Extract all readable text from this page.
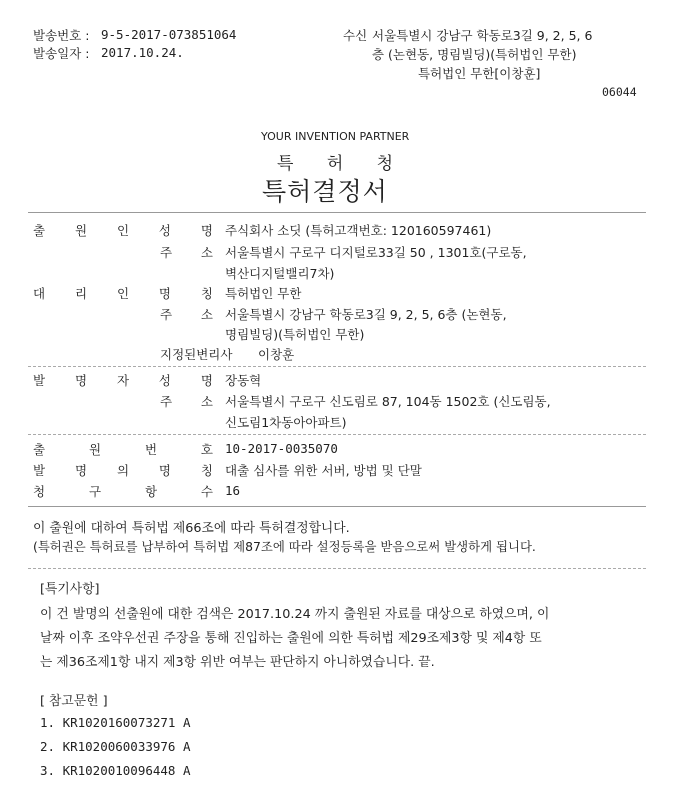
발송번호 : 9-5-2017-073851064
발송일자 : 2017.10.24.
수신 서울특별시 강남구 학동로3길 9, 2, 5, 6
층 (논현동, 명림빌딩)(특허법인 무한)
특허법인 무한[이창훈]
06044
YOUR INVENTION PARTNER
특 허 청
특허결정서
출 원 인 성 명 주식회사 소딧 (특허고객번호: 120160597461)
주 소 서울특별시 구로구 디지털로33길 50 , 1301호(구로동,
벽산디지털밸리7차)
대 리 인 명 칭 특허법인 무한
주 소 서울특별시 강남구 학동로3길 9, 2, 5, 6층 (논현동,
명림빌딩)(특허법인 무한)
지정된변리사 이창훈
발 명 자 성 명 장동혁
주 소 서울특별시 구로구 신도림로 87, 104동 1502호 (신도림동,
신도림1차동아아파트)
출	원	번	호 10-2017-0035070
발 명 의 명 칭 대출 심사를 위한 서버, 방법 및 단말
청	구	항	수 16
이 출원에 대하여 특허법 제66조에 따라 특허결정합니다.
(특허권은 특허료를 납부하여 특허법 제87조에 따라 설정등록을 받음으로써 발생하게 됩니다.
[특기사항]
이 건 발명의 선출원에 대한 검색은 2017.10.24 까지 출원된 자료를 대상으로 하였으며, 이
날짜 이후 조약우선권 주장을 통해 진입하는 출원에 의한 특허법 제29조제3항 및 제4항 또
는 제36조제1항 내지 제3항 위반 여부는 판단하지 아니하였습니다. 끝.
[ 참고문헌 ]
1. KR1020160073271 A
2. KR1020060033976 A
3. KR1020010096448 A
